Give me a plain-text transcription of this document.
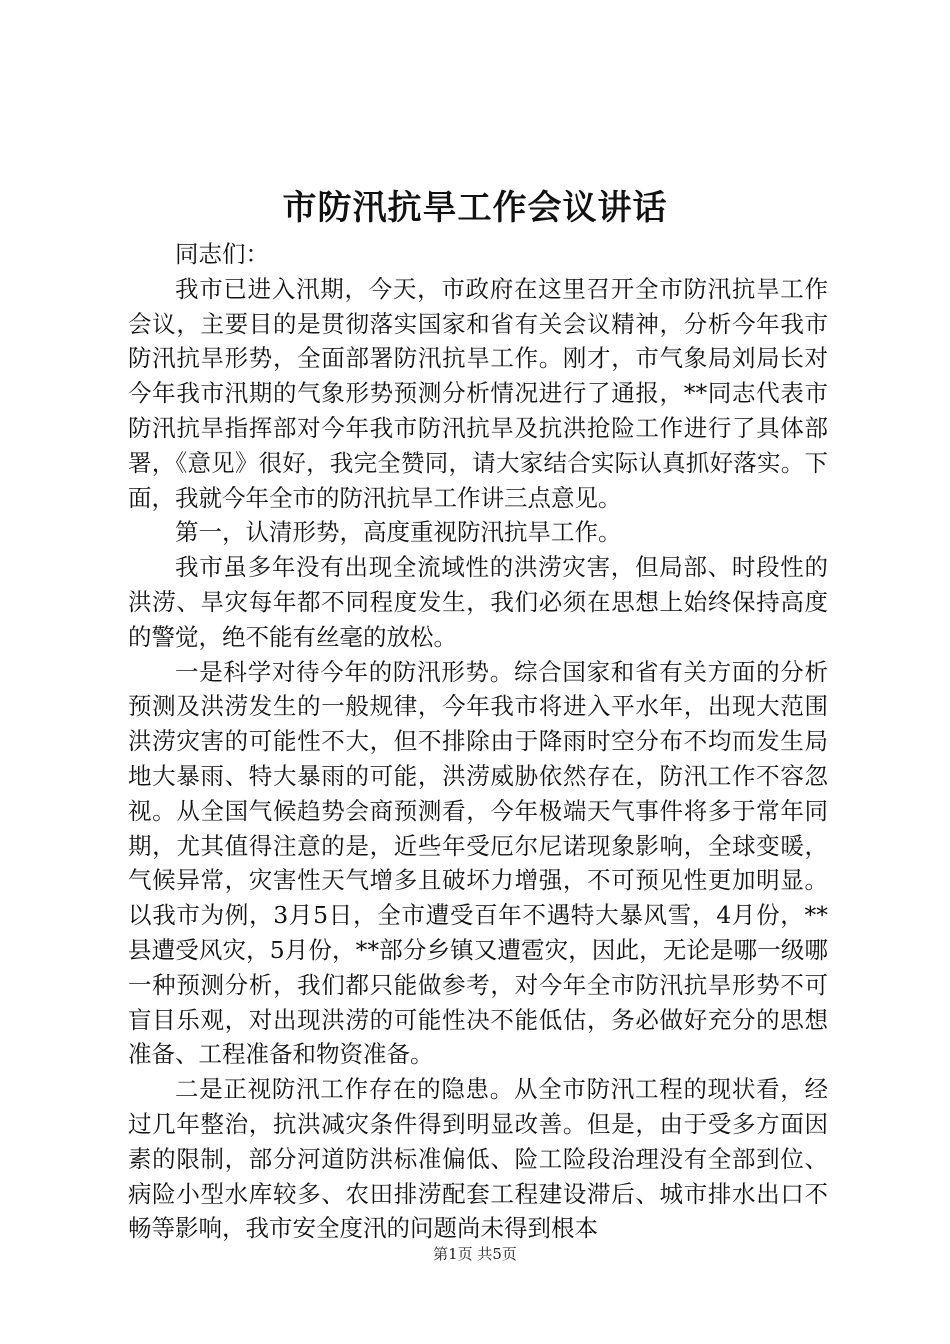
市防汛抗旱工作会议讲话

同志们：

我市已进入汛期，今天，市政府在这里召开全市防汛抗旱工作会议，主要目的是贯彻落实国家和省有关会议精神，分析今年我市防汛抗旱形势，全面部署防汛抗旱工作。刚才，市气象局刘局长对今年我市汛期的气象形势预测分析情况进行了通报，**同志代表市防汛抗旱指挥部对今年我市防汛抗旱及抗洪抢险工作进行了具体部署，《意见》很好，我完全赞同，请大家结合实际认真抓好落实。下面，我就今年全市的防汛抗旱工作讲三点意见。

第一，认清形势，高度重视防汛抗旱工作。

我市虽多年没有出现全流域性的洪涝灾害，但局部、时段性的洪涝、旱灾每年都不同程度发生，我们必须在思想上始终保持高度的警觉，绝不能有丝毫的放松。

一是科学对待今年的防汛形势。综合国家和省有关方面的分析预测及洪涝发生的一般规律，今年我市将进入平水年，出现大范围洪涝灾害的可能性不大，但不排除由于降雨时空分布不均而发生局地大暴雨、特大暴雨的可能，洪涝威胁依然存在，防汛工作不容忽视。从全国气候趋势会商预测看，今年极端天气事件将多于常年同期，尤其值得注意的是，近些年受厄尔尼诺现象影响，全球变暖，气候异常，灾害性天气增多且破坏力增强，不可预见性更加明显。以我市为例，3月5日，全市遭受百年不遇特大暴风雪，4月份，**县遭受风灾，5月份，**部分乡镇又遭雹灾，因此，无论是哪一级哪一种预测分析，我们都只能做参考，对今年全市防汛抗旱形势不可盲目乐观，对出现洪涝的可能性决不能低估，务必做好充分的思想准备、工程准备和物资准备。

二是正视防汛工作存在的隐患。从全市防汛工程的现状看，经过几年整治，抗洪减灾条件得到明显改善。但是，由于受多方面因素的限制，部分河道防洪标准偏低、险工险段治理没有全部到位、病险小型水库较多、农田排涝配套工程建设滞后、城市排水出口不畅等影响，我市安全度汛的问题尚未得到根本

第1页 共5页
